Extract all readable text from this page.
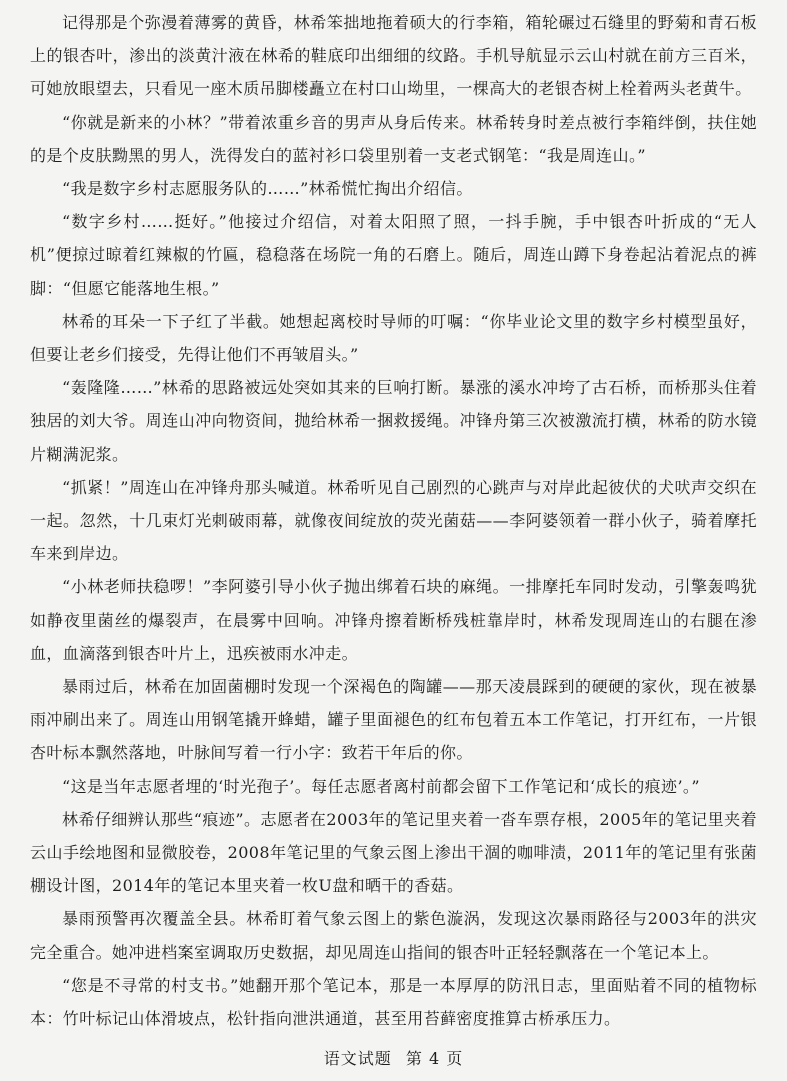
记得那是个弥漫着薄雾的黄昏，林希笨拙地拖着硕大的行李箱，箱轮碾过石缝里的野菊和青石板上的银杏叶，渗出的淡黄汁液在林希的鞋底印出细细的纹路。手机导航显示云山村就在前方三百米，可她放眼望去，只看见一座木质吊脚楼矗立在村口山坳里，一棵高大的老银杏树上栓着两头老黄牛。

“你就是新来的小林？”带着浓重乡音的男声从身后传来。林希转身时差点被行李箱绊倒，扶住她的是个皮肤黝黑的男人，洗得发白的蓝衬衫口袋里别着一支老式钢笔：“我是周连山。”

“我是数字乡村志愿服务队的……”林希慌忙掏出介绍信。

“数字乡村……挺好。”他接过介绍信，对着太阳照了照，一抖手腕，手中银杏叶折成的“无人机”便掠过晾着红辣椒的竹匾，稳稳落在场院一角的石磨上。随后，周连山蹲下身卷起沾着泥点的裤脚：“但愿它能落地生根。”

林希的耳朵一下子红了半截。她想起离校时导师的叮嘱：“你毕业论文里的数字乡村模型虽好，但要让老乡们接受，先得让他们不再皱眉头。”

“轰隆隆……”林希的思路被远处突如其来的巨响打断。暴涨的溪水冲垮了古石桥，而桥那头住着独居的刘大爷。周连山冲向物资间，抛给林希一捆救援绳。冲锋舟第三次被激流打横，林希的防水镜片糊满泥浆。

“抓紧！”周连山在冲锋舟那头喊道。林希听见自己剧烈的心跳声与对岸此起彼伏的犬吠声交织在一起。忽然，十几束灯光刺破雨幕，就像夜间绽放的荧光菌菇——李阿婆领着一群小伙子，骑着摩托车来到岸边。

“小林老师扶稳啰！”李阿婆引导小伙子抛出绑着石块的麻绳。一排摩托车同时发动，引擎轰鸣犹如静夜里菌丝的爆裂声，在晨雾中回响。冲锋舟擦着断桥残桩靠岸时，林希发现周连山的右腿在渗血，血滴落到银杏叶片上，迅疾被雨水冲走。

暴雨过后，林希在加固菌棚时发现一个深褐色的陶罐——那天凌晨踩到的硬硬的家伙，现在被暴雨冲刷出来了。周连山用钢笔撬开蜂蜡，罐子里面褪色的红布包着五本工作笔记，打开红布，一片银杏叶标本飘然落地，叶脉间写着一行小字：致若干年后的你。

“这是当年志愿者埋的‘时光孢子’。每任志愿者离村前都会留下工作笔记和‘成长的痕迹’。”

林希仔细辨认那些“痕迹”。志愿者在2003年的笔记里夹着一沓车票存根，2005年的笔记里夹着云山手绘地图和显微胶卷，2008年笔记里的气象云图上渗出干涸的咖啡渍，2011年的笔记里有张菌棚设计图，2014年的笔记本里夹着一枚U盘和晒干的香菇。

暴雨预警再次覆盖全县。林希盯着气象云图上的紫色漩涡，发现这次暴雨路径与2003年的洪灾完全重合。她冲进档案室调取历史数据，却见周连山指间的银杏叶正轻轻飘落在一个笔记本上。

“您是不寻常的村支书。”她翻开那个笔记本，那是一本厚厚的防汛日志，里面贴着不同的植物标本：竹叶标记山体滑坡点，松针指向泄洪通道，甚至用苔藓密度推算古桥承压力。

语文试题 第 4 页
